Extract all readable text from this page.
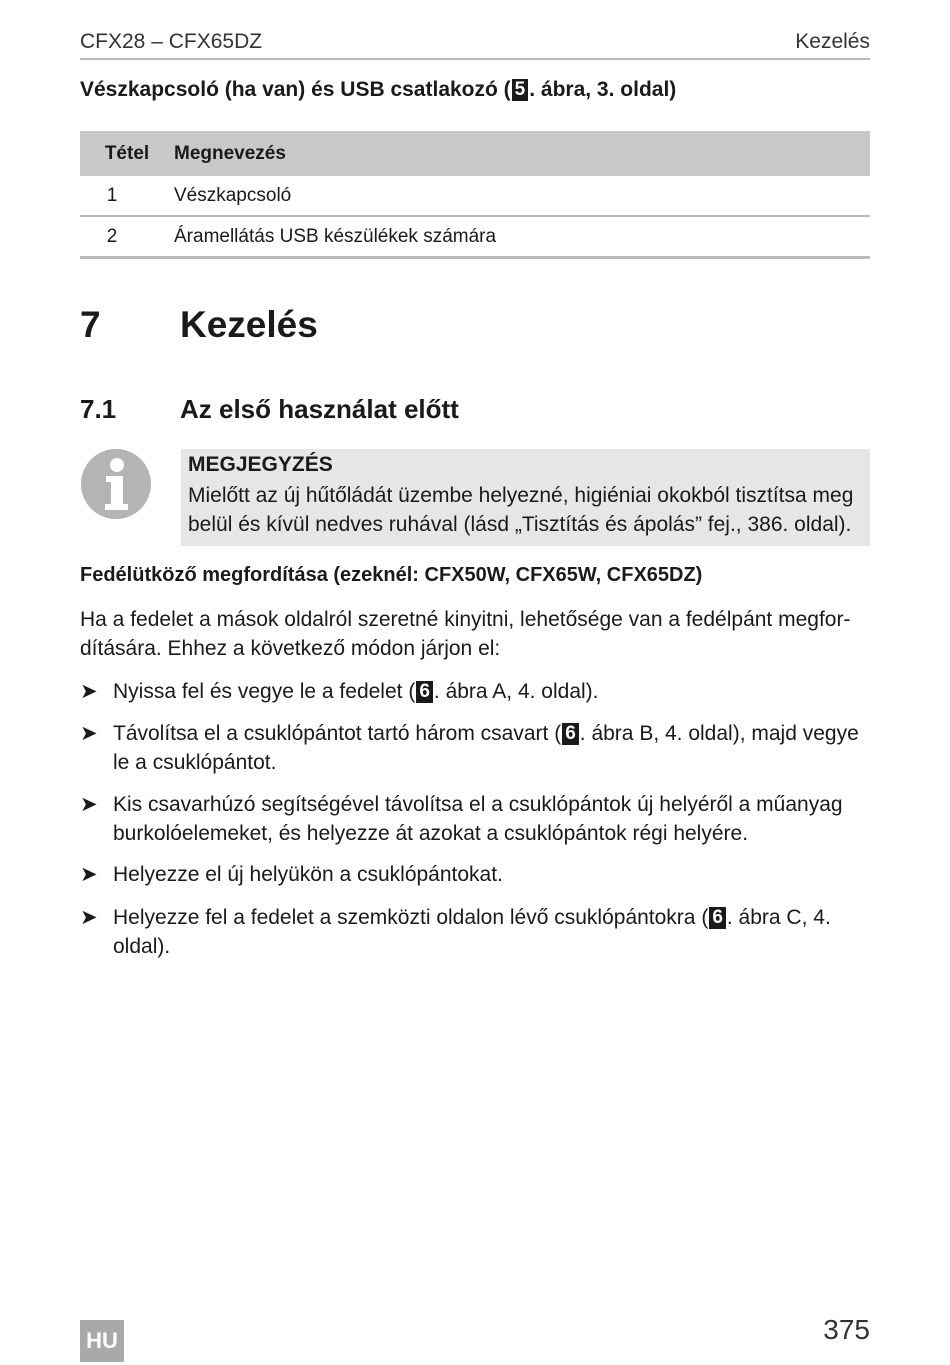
CFX28 – CFX65DZ	Kezelés
Vészkapcsoló (ha van) és USB csatlakozó ( 5 . ábra, 3. oldal)
Tétel	Megnevezés
1	Vészkapcsoló
2	Áramellátás USB készülékek számára
7 Kezelés
7.1 Az első használat előtt
MEGJEGYZÉS
Mielőtt az új hűtőládát üzembe helyezné, higiéniai okokból tisztítsa meg belül és kívül nedves ruhával (lásd „Tisztítás és ápolás” fej., 386. oldal).
Fedélütköző megfordítása (ezeknél: CFX50W, CFX65W, CFX65DZ)
Ha a fedelet a mások oldalról szeretné kinyitni, lehetősége van a fedélpánt megfor-dítására. Ehhez a következő módon járjon el:
➤ Nyissa fel és vegye le a fedelet ( 6 . ábra A, 4. oldal).
➤ Távolítsa el a csuklópántot tartó három csavart ( 6 . ábra B, 4. oldal), majd vegye le a csuklópántot.
➤ Kis csavarhúzó segítségével távolítsa el a csuklópántok új helyéről a műanyag burkolóelemeket, és helyezze át azokat a csuklópántok régi helyére.
➤ Helyezze el új helyükön a csuklópántokat.
➤ Helyezze fel a fedelet a szemközti oldalon lévő csuklópántokra ( 6 . ábra C, 4. oldal).
HU	375
